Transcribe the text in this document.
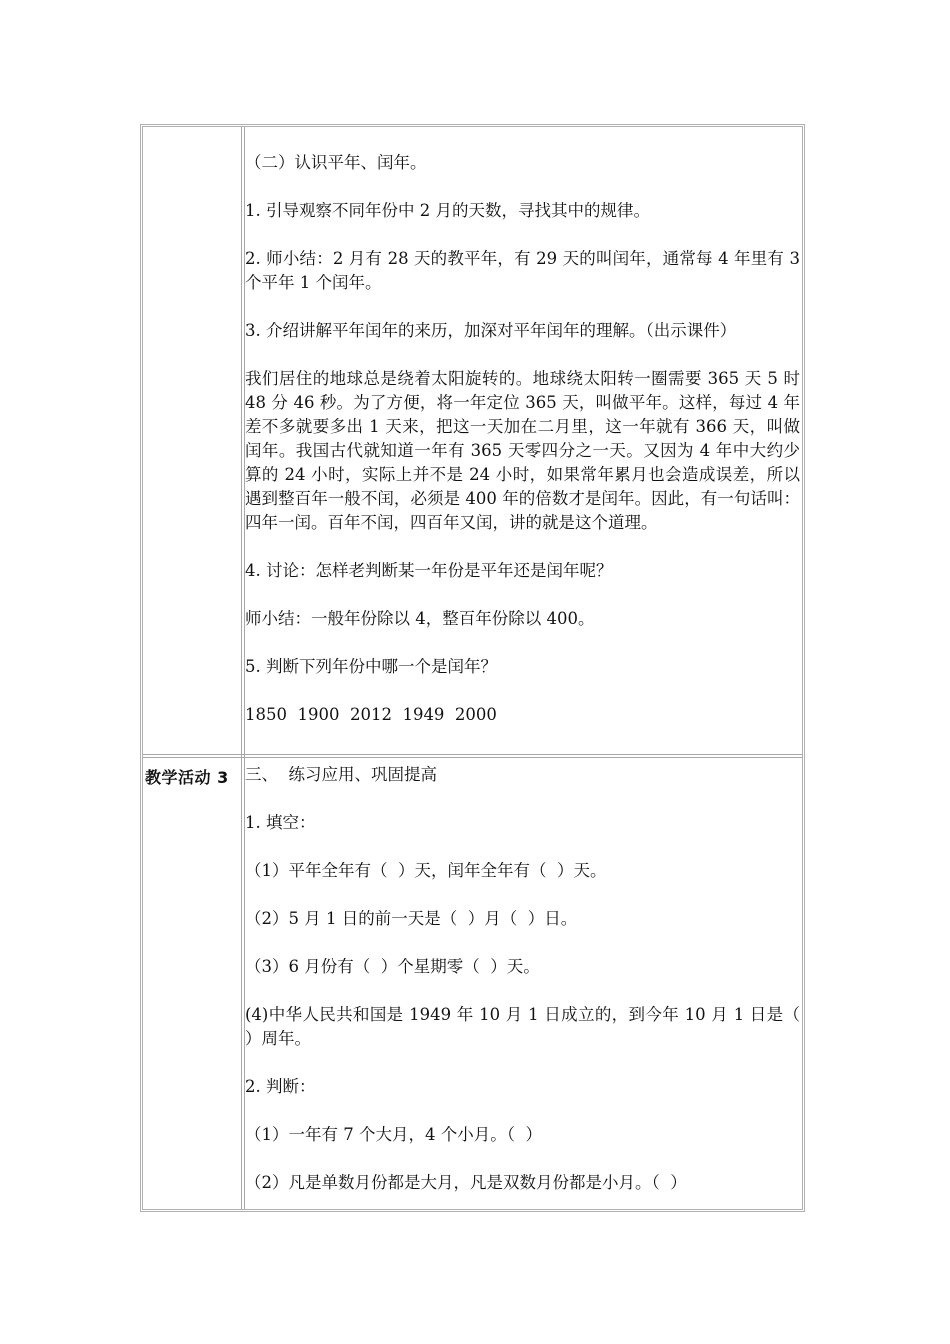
（二）认识平年、闰年。

1. 引导观察不同年份中 2 月的天数，寻找其中的规律。

2. 师小结：2 月有 28 天的教平年，有 29 天的叫闰年，通常每 4 年里有 3 个平年 1 个闰年。

3. 介绍讲解平年闰年的来历，加深对平年闰年的理解。（出示课件）

我们居住的地球总是绕着太阳旋转的。地球绕太阳转一圈需要 365 天 5 时 48 分 46 秒。为了方便，将一年定位 365 天，叫做平年。这样，每过 4 年差不多就要多出 1 天来，把这一天加在二月里，这一年就有 366 天，叫做闰年。我国古代就知道一年有 365 天零四分之一天。又因为 4 年中大约少算的 24 小时，实际上并不是 24 小时，如果常年累月也会造成误差，所以遇到整百年一般不闰，必须是 400 年的倍数才是闰年。因此，有一句话叫：四年一闰。百年不闰，四百年又闰，讲的就是这个道理。

4. 讨论：怎样老判断某一年份是平年还是闰年呢？

师小结：一般年份除以 4，整百年份除以 400。

5. 判断下列年份中哪一个是闰年？

1850  1900  2012  1949  2000

教学活动 3 三、  练习应用、巩固提高

1. 填空：

（1）平年全年有（  ）天，闰年全年有（  ）天。

（2）5 月 1 日的前一天是（  ）月（  ）日。

（3）6 月份有（  ）个星期零（  ）天。

(4)中华人民共和国是 1949 年 10 月 1 日成立的，到今年 10 月 1 日是（ ）周年。

2. 判断：

（1）一年有 7 个大月，4 个小月。（  ）

（2）凡是单数月份都是大月，凡是双数月份都是小月。（  ）
